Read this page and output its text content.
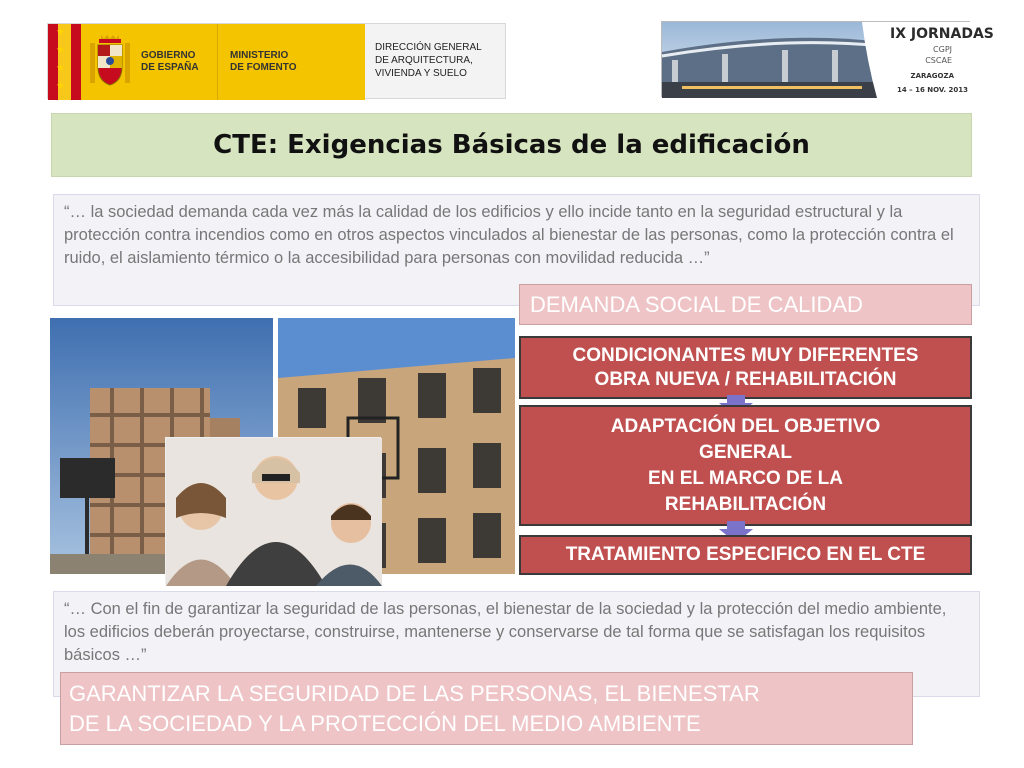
★
★
★
★
GOBIERNO
DE ESPAÑA
MINISTERIO
DE FOMENTO
DIRECCIÓN GENERAL DE ARQUITECTURA, VIVIENDA Y SUELO
IX JORNADAS
CGPJ
CSCAE
ZARAGOZA
14 – 16 NOV. 2013
CTE: Exigencias Básicas de la edificación
“… la sociedad demanda cada vez más la calidad de los edificios y ello incide tanto en la seguridad estructural y la protección contra incendios como en otros aspectos vinculados al bienestar de las personas, como la protección contra el ruido, el aislamiento térmico o la accesibilidad para personas con movilidad reducida …”
DEMANDA SOCIAL DE CALIDAD
CONDICIONANTES MUY DIFERENTES
OBRA NUEVA / REHABILITACIÓN
ADAPTACIÓN DEL OBJETIVO
GENERAL
EN EL MARCO DE LA
REHABILITACIÓN
TRATAMIENTO ESPECIFICO EN EL CTE
“… Con el fin de garantizar la seguridad de las personas, el bienestar de la sociedad y la protección del medio ambiente, los edificios deberán proyectarse, construirse, mantenerse y conservarse de tal forma que se satisfagan los requisitos básicos …”
GARANTIZAR LA SEGURIDAD DE LAS PERSONAS, EL BIENESTAR
DE LA SOCIEDAD Y LA PROTECCIÓN DEL MEDIO AMBIENTE
